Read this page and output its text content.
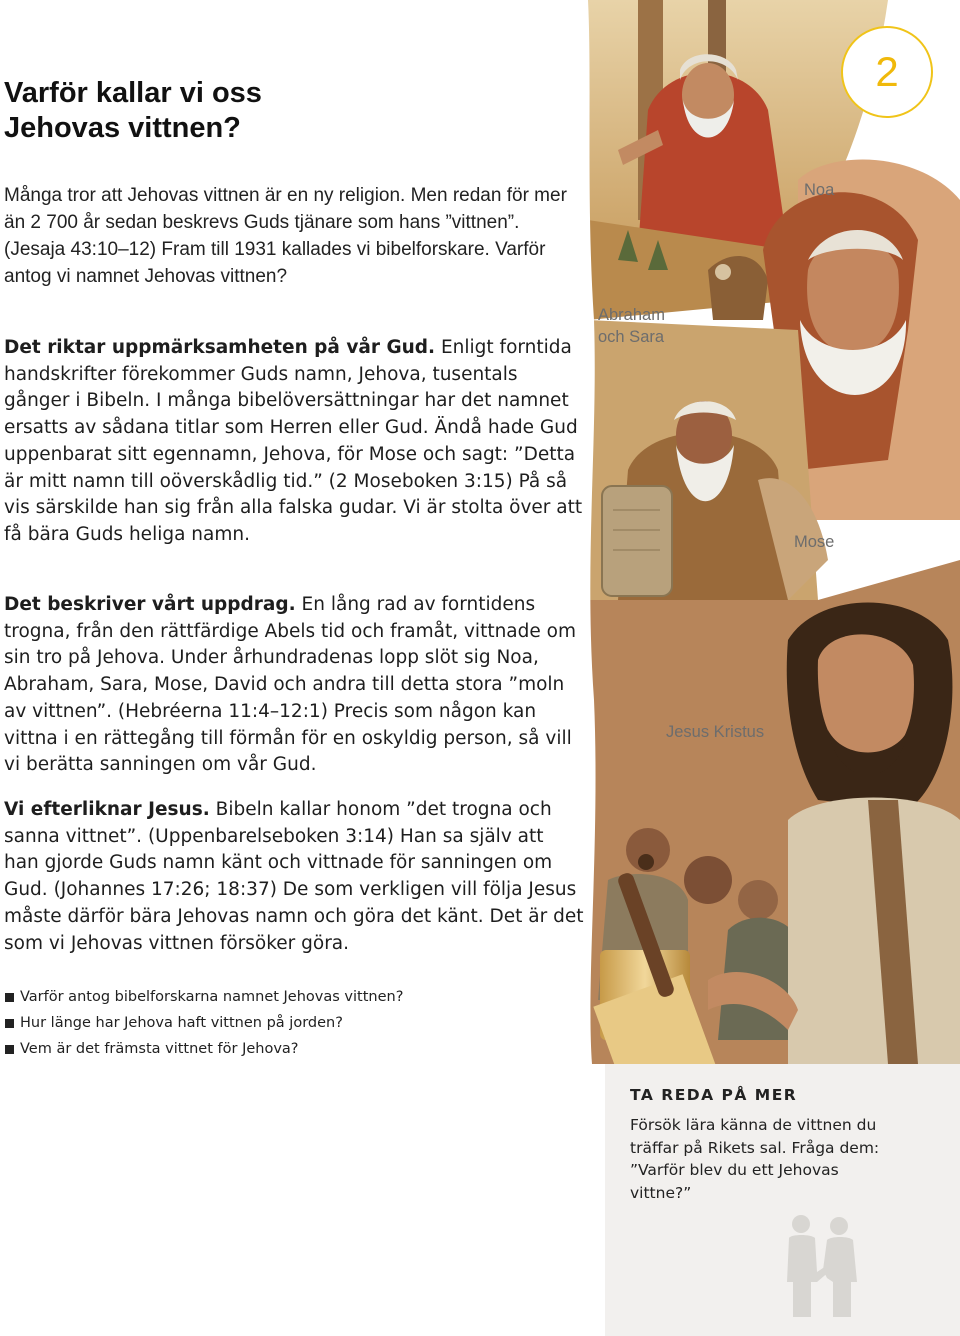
2
Noa
Abraham
och Sara
Mose
Jesus Kristus
Varför kallar vi oss
Jehovas vittnen?

Många tror att Jehovas vittnen är en ny religion. Men redan för mer än 2 700 år sedan beskrevs Guds tjänare som hans ”vittnen”. (Jesaja 43:10–12) Fram till 1931 kallades vi bibelforskare. Varför antog vi namnet Jehovas vittnen?

Det riktar uppmärksamheten på vår Gud. Enligt forntida handskrifter förekommer Guds namn, Jehova, tusentals gånger i Bibeln. I många bibelöversättningar har det namnet ersatts av sådana titlar som Herren eller Gud. Ändå hade Gud uppenbarat sitt egennamn, Jehova, för Mose och sagt: ”Detta är mitt namn till oöverskådlig tid.” (2 Moseboken 3:15) På så vis särskilde han sig från alla falska gudar. Vi är stolta över att få bära Guds heliga namn.

Det beskriver vårt uppdrag. En lång rad av forntidens trogna, från den rättfärdige Abels tid och framåt, vittnade om sin tro på Jehova. Under århundradenas lopp slöt sig Noa, Abraham, Sara, Mose, David och andra till detta stora ”moln av vittnen”. (Hebréerna 11:4–12:1) Precis som någon kan vittna i en rättegång till förmån för en oskyldig person, så vill vi berätta sanningen om vår Gud.

Vi efterliknar Jesus. Bibeln kallar honom ”det trogna och sanna vittnet”. (Uppenbarelseboken 3:14) Han sa själv att han gjorde Guds namn känt och vittnade för sanningen om Gud. (Johannes 17:26; 18:37) De som verkligen vill följa Jesus måste därför bära Jehovas namn och göra det känt. Det är det som vi Jehovas vittnen försöker göra.

Varför antog bibelforskarna namnet Jehovas vittnen?
Hur länge har Jehova haft vittnen på jorden?
Vem är det främsta vittnet för Jehova?
TA REDA PÅ MER
Försök lära känna de vittnen du träffar på Rikets sal. Fråga dem: ”Varför blev du ett Jehovas vittne?”
